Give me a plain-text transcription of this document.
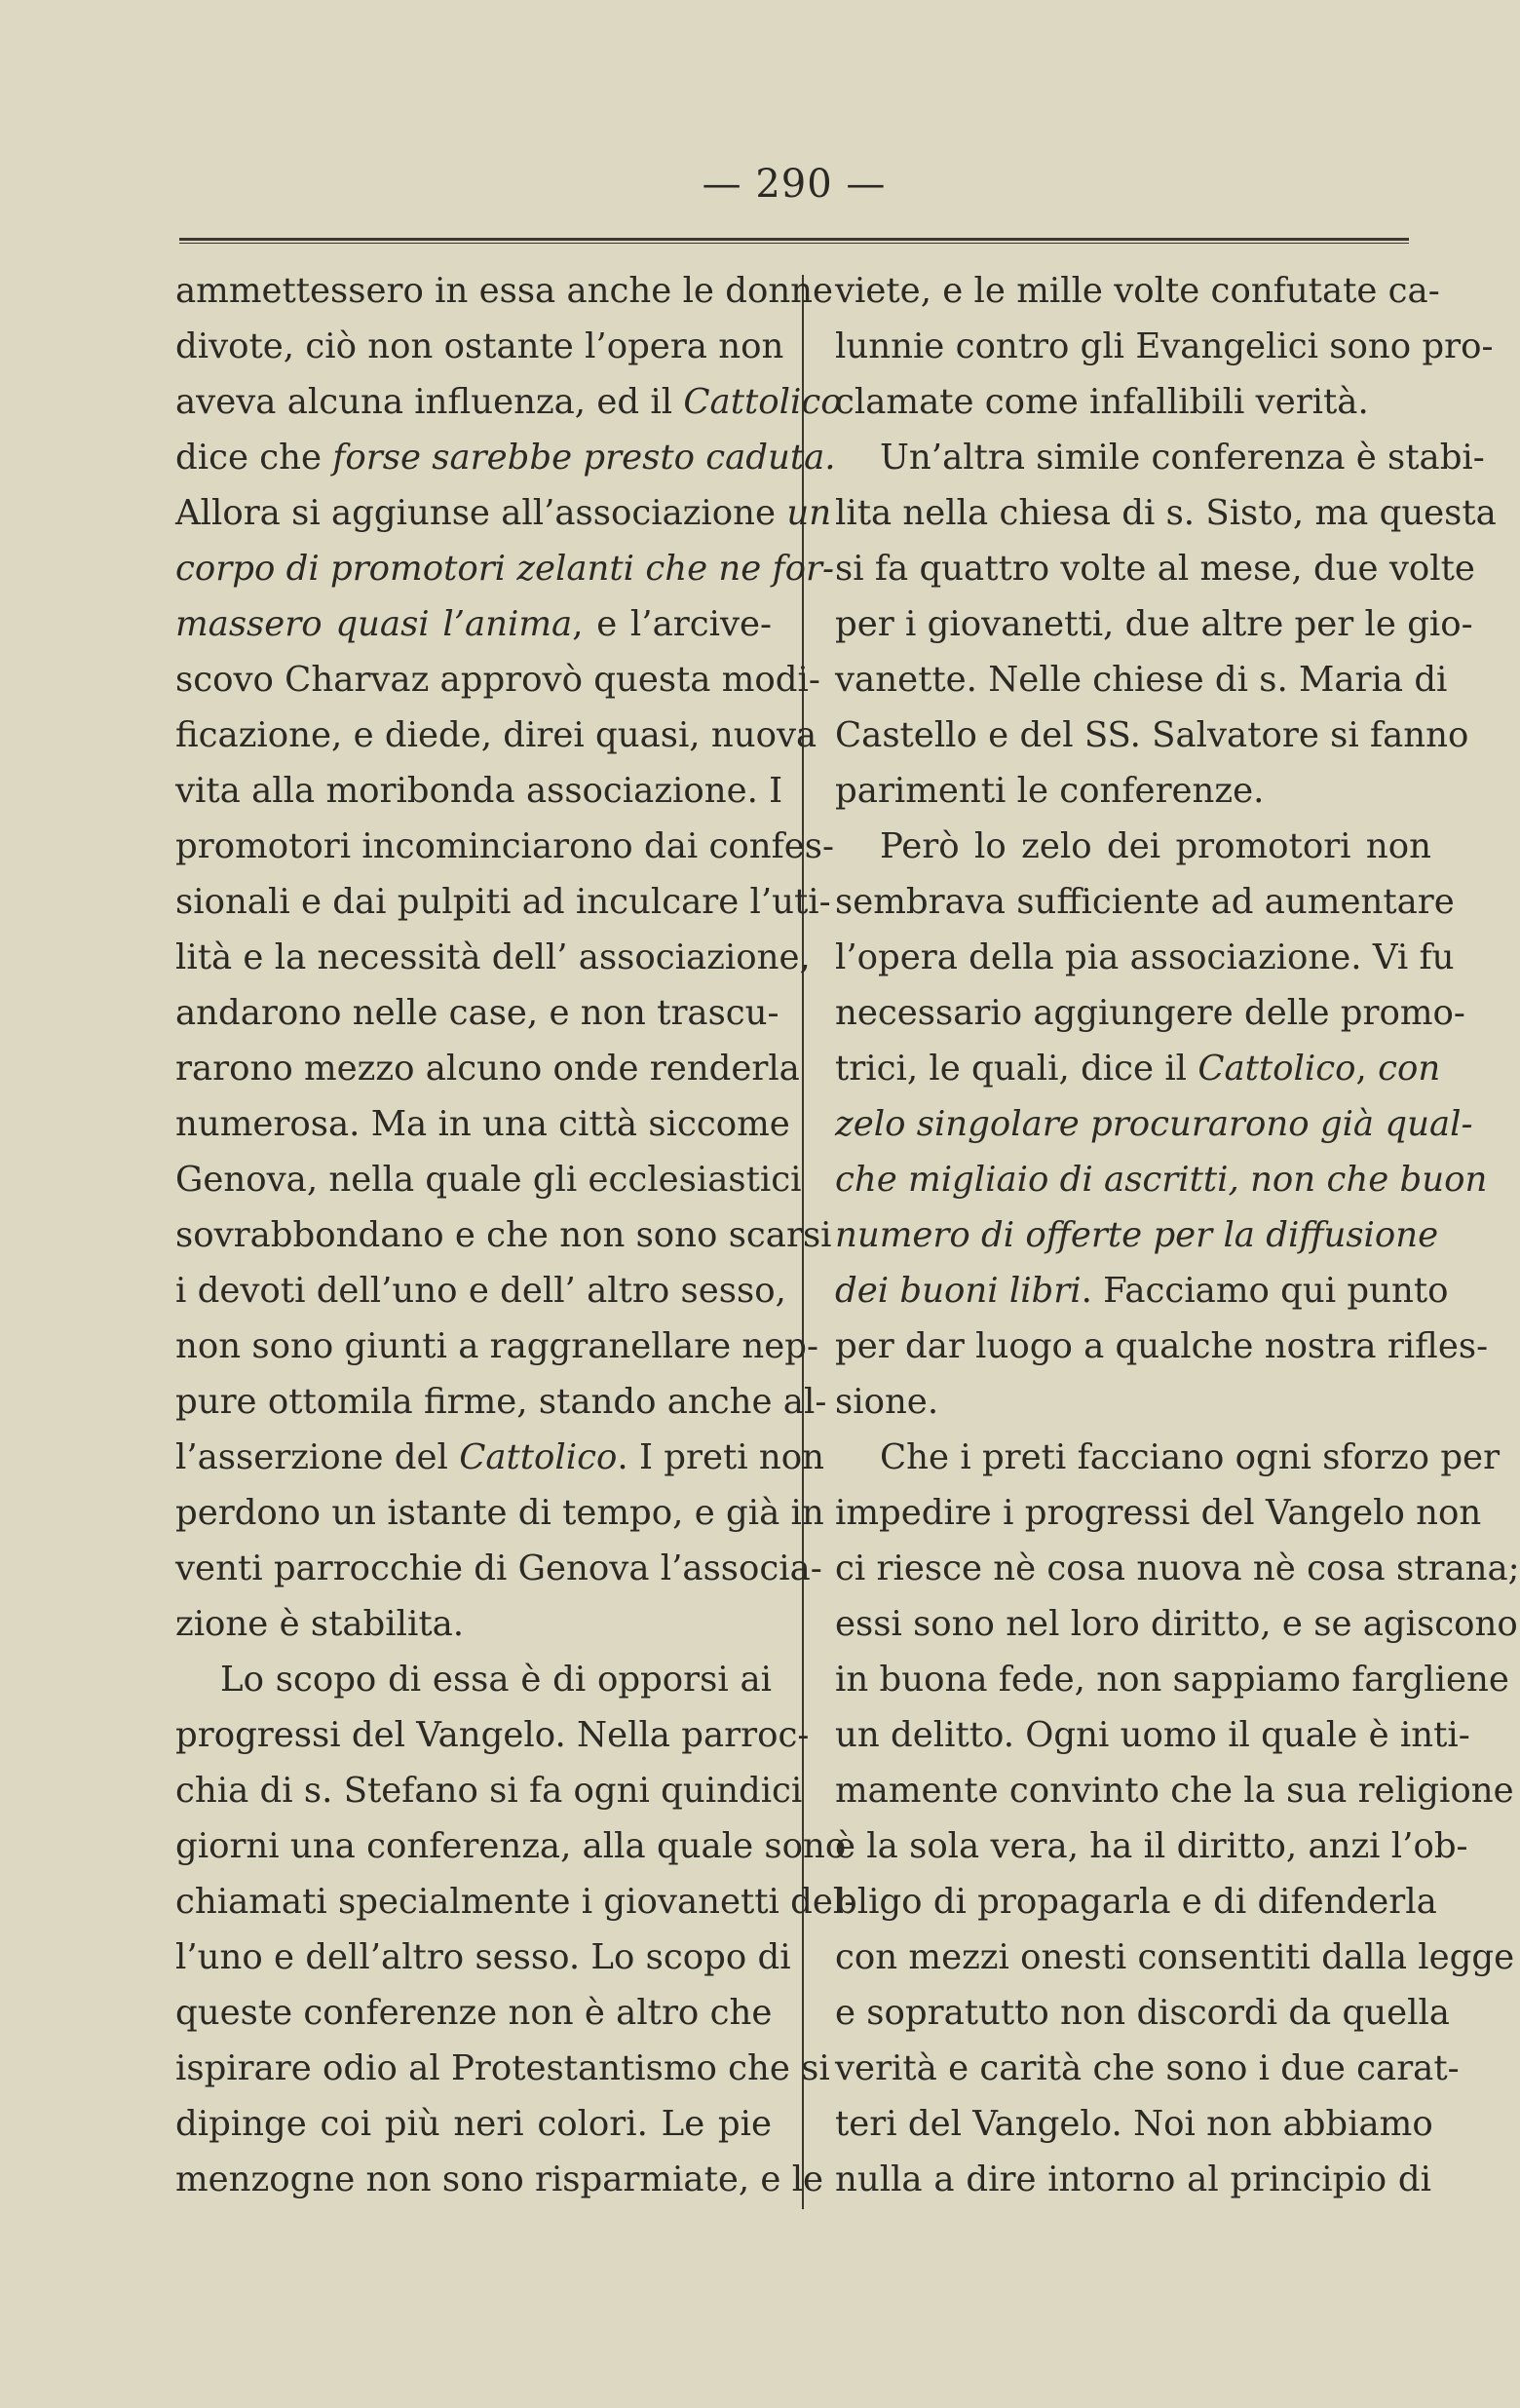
— 290 —
ammettessero in essa anche le donne
divote, ciò non ostante l’opera non
aveva alcuna influenza, ed il Cattolico
dice che forse sarebbe presto caduta.
Allora si aggiunse all’associazione un
corpo di promotori zelanti che ne for-
massero quasi l’anima, e l’arcive-
scovo Charvaz approvò questa modi-
ficazione, e diede, direi quasi, nuova
vita alla moribonda associazione. I
promotori incominciarono dai confes-
sionali e dai pulpiti ad inculcare l’uti-
lità e la necessità dell’ associazione,
andarono nelle case, e non trascu-
rarono mezzo alcuno onde renderla
numerosa. Ma in una città siccome
Genova, nella quale gli ecclesiastici
sovrabbondano e che non sono scarsi
i devoti dell’uno e dell’ altro sesso,
non sono giunti a raggranellare nep-
pure ottomila firme, stando anche al-
l’asserzione del Cattolico. I preti non
perdono un istante di tempo, e già in
venti parrocchie di Genova l’associa-
zione è stabilita.
Lo scopo di essa è di opporsi ai
progressi del Vangelo. Nella parroc-
chia di s. Stefano si fa ogni quindici
giorni una conferenza, alla quale sono
chiamati specialmente i giovanetti del-
l’uno e dell’altro sesso. Lo scopo di
queste conferenze non è altro che
ispirare odio al Protestantismo che si
dipinge coi più neri colori. Le pie
menzogne non sono risparmiate, e le
viete, e le mille volte confutate ca-
lunnie contro gli Evangelici sono pro-
clamate come infallibili verità.
Un’altra simile conferenza è stabi-
lita nella chiesa di s. Sisto, ma questa
si fa quattro volte al mese, due volte
per i giovanetti, due altre per le gio-
vanette. Nelle chiese di s. Maria di
Castello e del SS. Salvatore si fanno
parimenti le conferenze.
Però lo zelo dei promotori non
sembrava sufficiente ad aumentare
l’opera della pia associazione. Vi fu
necessario aggiungere delle promo-
trici, le quali, dice il Cattolico, con
zelo singolare procurarono già qual-
che migliaio di ascritti, non che buon
numero di offerte per la diffusione
dei buoni libri. Facciamo qui punto
per dar luogo a qualche nostra rifles-
sione.
Che i preti facciano ogni sforzo per
impedire i progressi del Vangelo non
ci riesce nè cosa nuova nè cosa strana;
essi sono nel loro diritto, e se agiscono
in buona fede, non sappiamo fargliene
un delitto. Ogni uomo il quale è inti-
mamente convinto che la sua religione
è la sola vera, ha il diritto, anzi l’ob-
bligo di propagarla e di difenderla
con mezzi onesti consentiti dalla legge
e sopratutto non discordi da quella
verità e carità che sono i due carat-
teri del Vangelo. Noi non abbiamo
nulla a dire intorno al principio di
